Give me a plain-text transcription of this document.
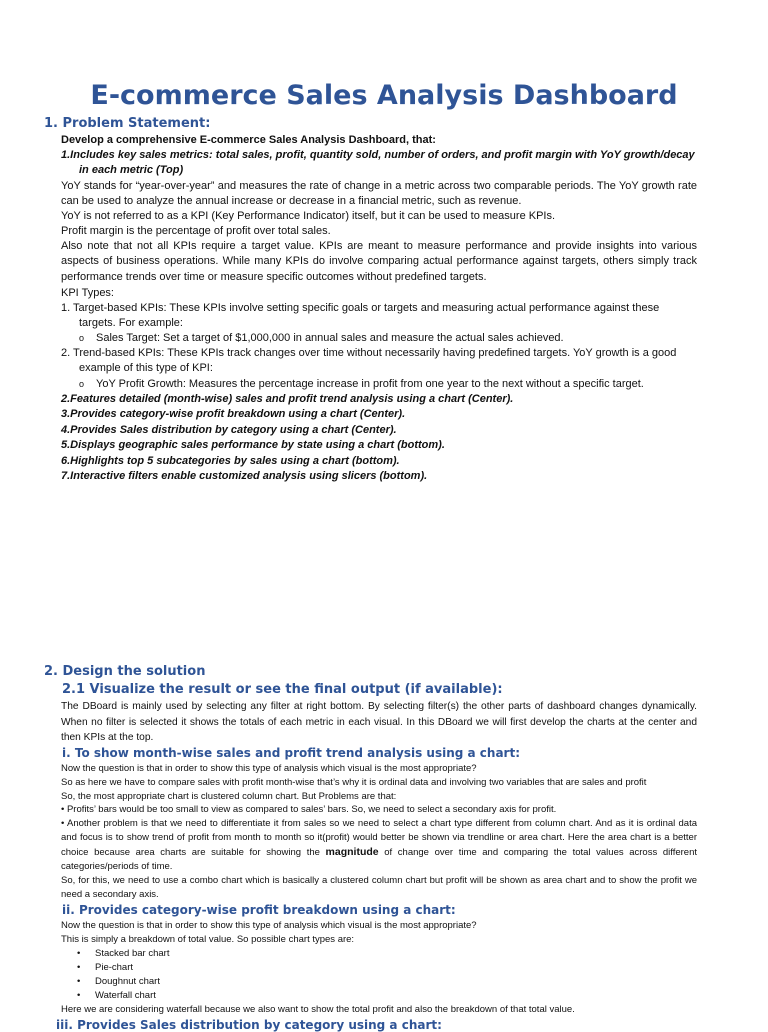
E-commerce Sales Analysis Dashboard
1. Problem Statement:

Develop a comprehensive E-commerce Sales Analysis Dashboard, that:

1.Includes key sales metrics: total sales, profit, quantity sold, number of orders, and profit margin with YoY growth/decay in each metric (Top)

YoY stands for “year-over-year” and measures the rate of change in a metric across two comparable periods. The YoY growth rate can be used to analyze the annual increase or decrease in a financial metric, such as revenue.

YoY is not referred to as a KPI (Key Performance Indicator) itself, but it can be used to measure KPIs.

Profit margin is the percentage of profit over total sales.

Also note that not all KPIs require a target value. KPIs are meant to measure performance and provide insights into various aspects of business operations. While many KPIs do involve comparing actual performance against targets, others simply track performance trends over time or measure specific outcomes without predefined targets.

KPI Types:

1. Target-based KPIs: These KPIs involve setting specific goals or targets and measuring actual performance against these targets. For example:

o Sales Target: Set a target of $1,000,000 in annual sales and measure the actual sales achieved.

2. Trend-based KPIs: These KPIs track changes over time without necessarily having predefined targets. YoY growth is a good example of this type of KPI:

o YoY Profit Growth: Measures the percentage increase in profit from one year to the next without a specific target.

2.Features detailed (month-wise) sales and profit trend analysis using a chart (Center).

3.Provides category-wise profit breakdown using a chart (Center).

4.Provides Sales distribution by category using a chart (Center).

5.Displays geographic sales performance by state using a chart (bottom).

6.Highlights top 5 subcategories by sales using a chart (bottom).

7.Interactive filters enable customized analysis using slicers (bottom).

2. Design the solution
2.1 Visualize the result or see the final output (if available):

The DBoard is mainly used by selecting any filter at right bottom. By selecting filter(s) the other parts of dashboard changes dynamically. When no filter is selected it shows the totals of each metric in each visual. In this DBoard we will first develop the charts at the center and then KPIs at the top.

i. To show month-wise sales and profit trend analysis using a chart:

Now the question is that in order to show this type of analysis which visual is the most appropriate?

So as here we have to compare sales with profit month-wise that’s why it is ordinal data and involving two variables that are sales and profit

So, the most appropriate chart is clustered column chart. But Problems are that:

• Profits’ bars would be too small to view as compared to sales’ bars. So, we need to select a secondary axis for profit.

• Another problem is that we need to differentiate it from sales so we need to select a chart type different from column chart. And as it is ordinal data and focus is to show trend of profit from month to month so it(profit) would better be shown via trendline or area chart. Here the area chart is a better choice because area charts are suitable for showing the magnitude of change over time and comparing the total values across different categories/periods of time.

So, for this, we need to use a combo chart which is basically a clustered column chart but profit will be shown as area chart and to show the profit we need a secondary axis.

ii. Provides category-wise profit breakdown using a chart:

Now the question is that in order to show this type of analysis which visual is the most appropriate?

This is simply a breakdown of total value. So possible chart types are:

• Stacked bar chart

• Pie-chart

• Doughnut chart

• Waterfall chart

Here we are considering waterfall because we also want to show the total profit and also the breakdown of that total value.

iii. Provides Sales distribution by category using a chart:
